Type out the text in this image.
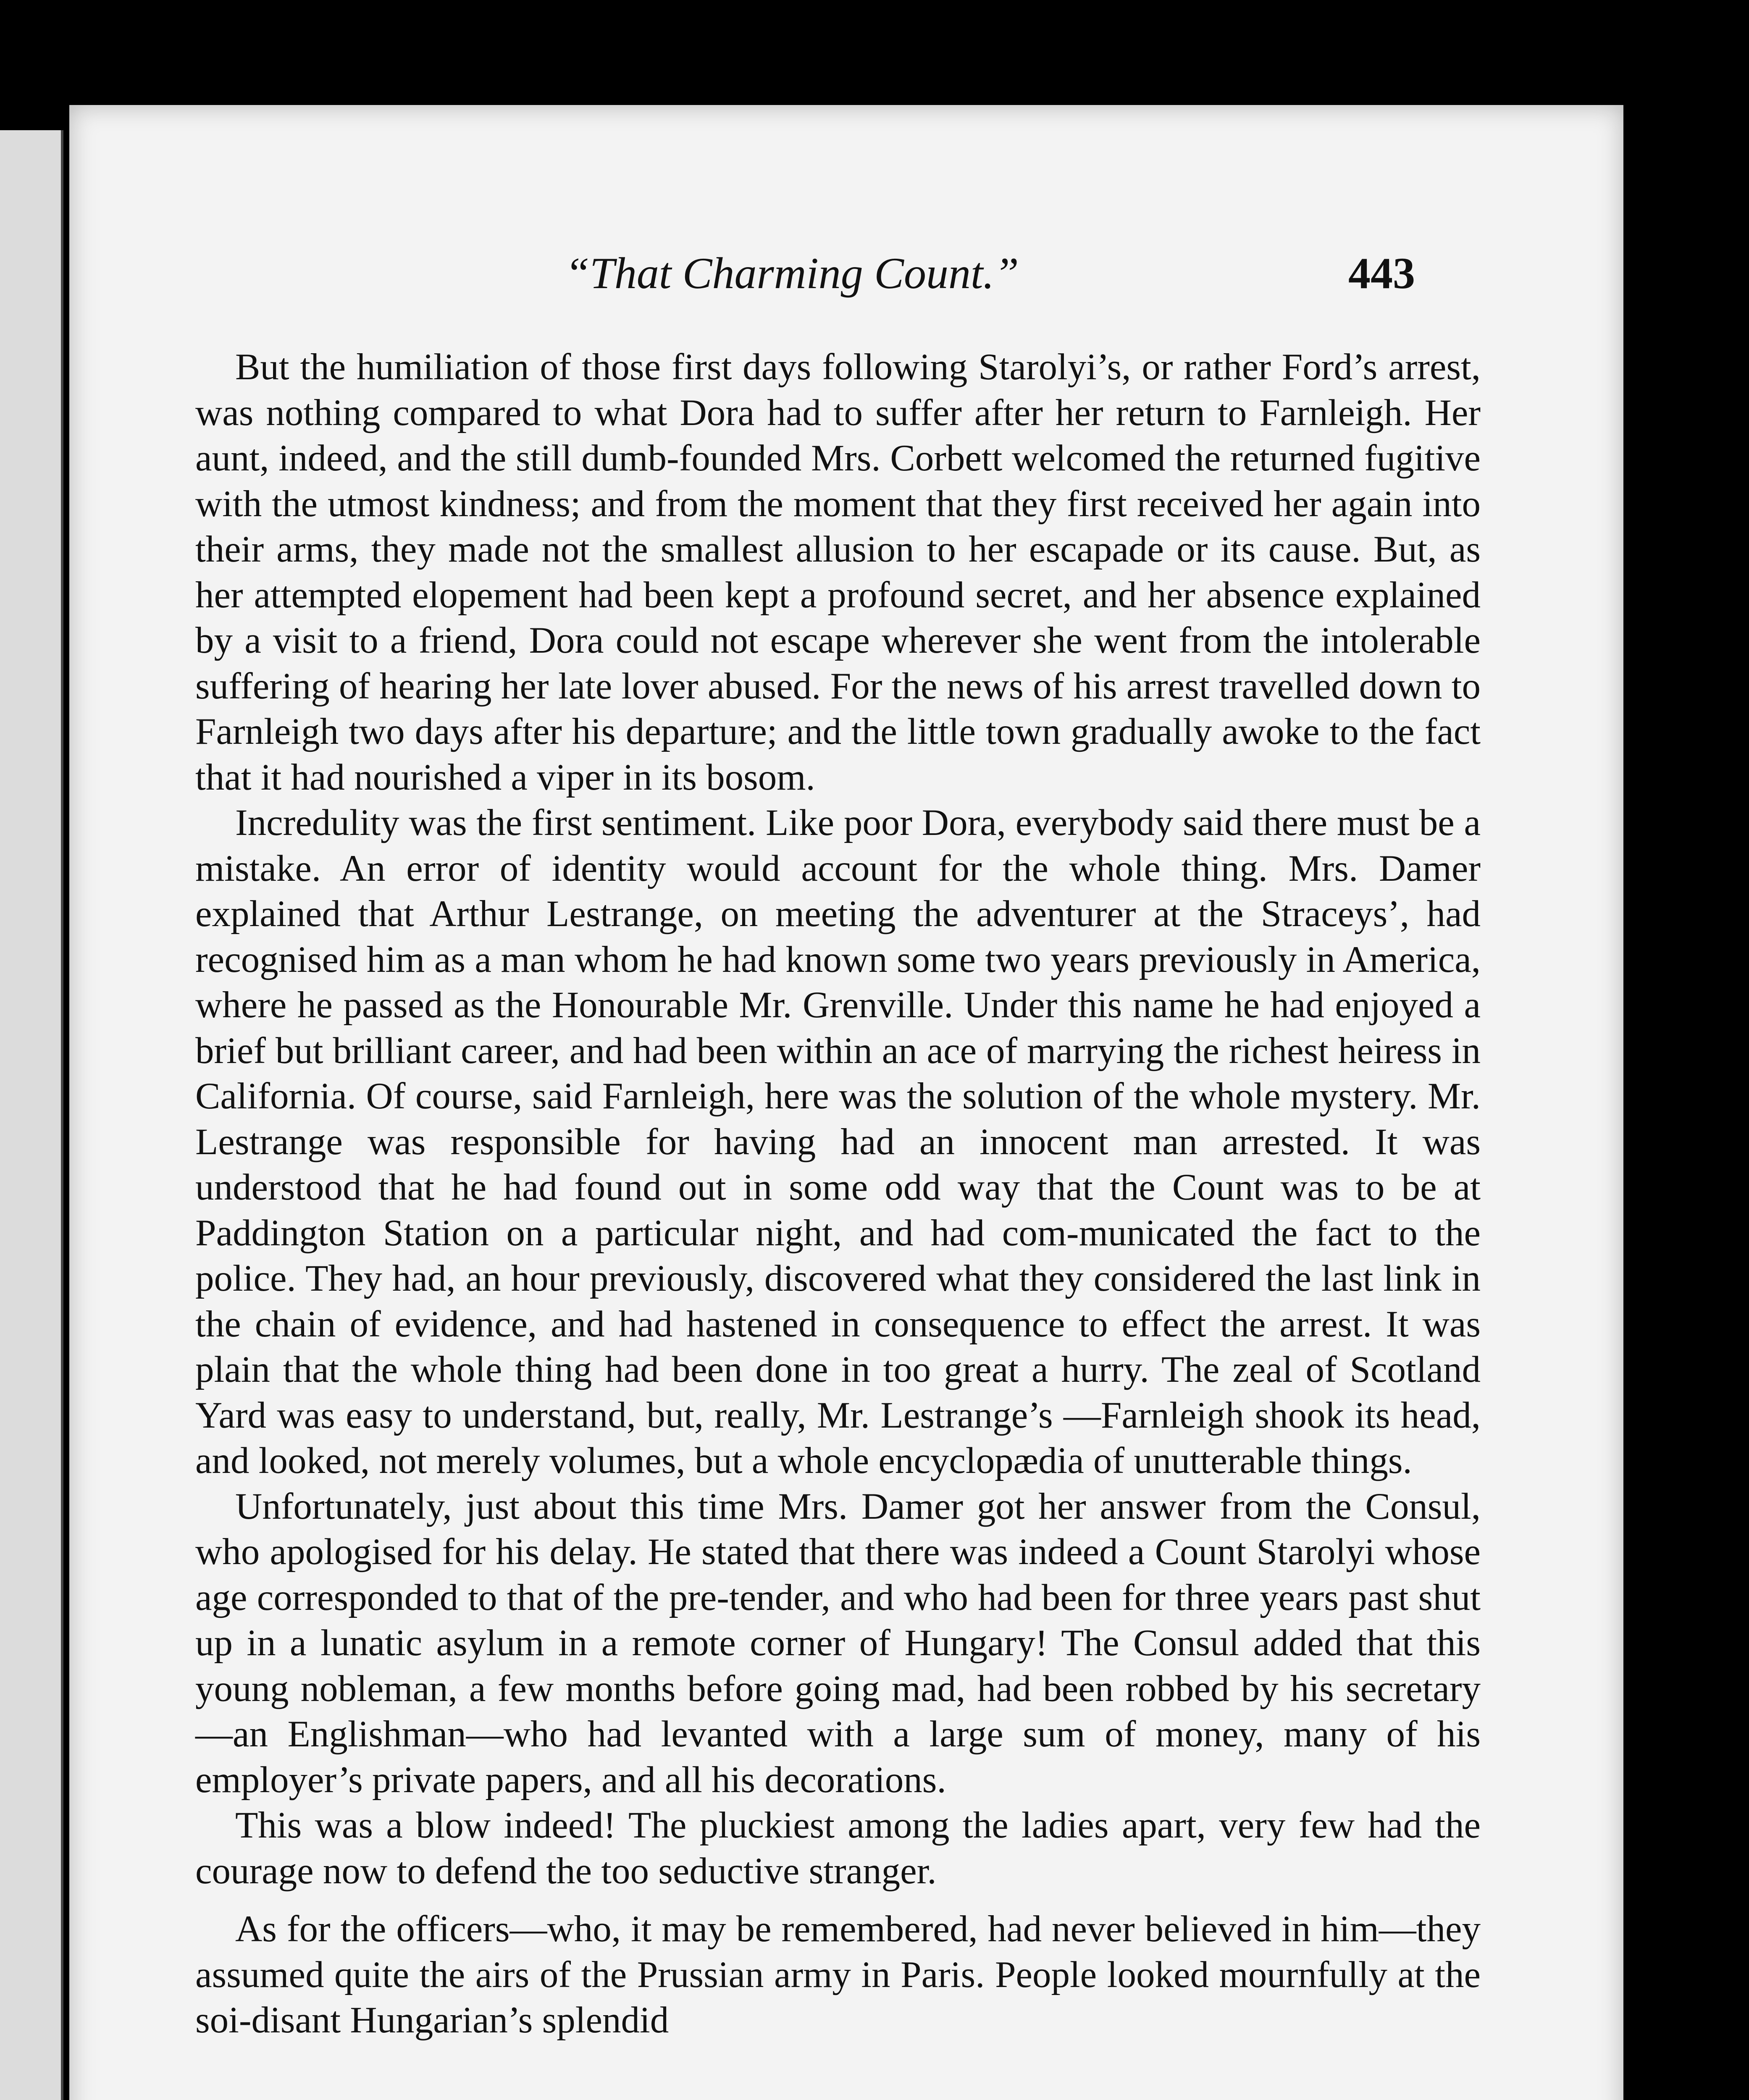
“That Charming Count.”	443

But the humiliation of those first days following Starolyi’s, or rather Ford’s arrest, was nothing compared to what Dora had to suffer after her return to Farnleigh. Her aunt, indeed, and the still dumb-founded Mrs. Corbett welcomed the returned fugitive with the utmost kindness; and from the moment that they first received her again into their arms, they made not the smallest allusion to her escapade or its cause. But, as her attempted elopement had been kept a profound secret, and her absence explained by a visit to a friend, Dora could not escape wherever she went from the intolerable suffering of hearing her late lover abused. For the news of his arrest travelled down to Farnleigh two days after his departure; and the little town gradually awoke to the fact that it had nourished a viper in its bosom.

Incredulity was the first sentiment. Like poor Dora, everybody said there must be a mistake. An error of identity would account for the whole thing. Mrs. Damer explained that Arthur Lestrange, on meeting the adventurer at the Straceys’, had recognised him as a man whom he had known some two years previously in America, where he passed as the Honourable Mr. Grenville. Under this name he had enjoyed a brief but brilliant career, and had been within an ace of marrying the richest heiress in California. Of course, said Farnleigh, here was the solution of the whole mystery. Mr. Lestrange was responsible for having had an innocent man arrested. It was understood that he had found out in some odd way that the Count was to be at Paddington Station on a particular night, and had com-municated the fact to the police. They had, an hour previously, discovered what they considered the last link in the chain of evidence, and had hastened in consequence to effect the arrest. It was plain that the whole thing had been done in too great a hurry. The zeal of Scotland Yard was easy to understand, but, really, Mr. Lestrange’s —Farnleigh shook its head, and looked, not merely volumes, but a whole encyclopædia of unutterable things.

Unfortunately, just about this time Mrs. Damer got her answer from the Consul, who apologised for his delay. He stated that there was indeed a Count Starolyi whose age corresponded to that of the pre-tender, and who had been for three years past shut up in a lunatic asylum in a remote corner of Hungary! The Consul added that this young nobleman, a few months before going mad, had been robbed by his secretary—an Englishman—who had levanted with a large sum of money, many of his employer’s private papers, and all his decorations.

This was a blow indeed! The pluckiest among the ladies apart, very few had the courage now to defend the too seductive stranger.

As for the officers—who, it may be remembered, had never believed in him—they assumed quite the airs of the Prussian army in Paris. People looked mournfully at the soi-disant Hungarian’s splendid
